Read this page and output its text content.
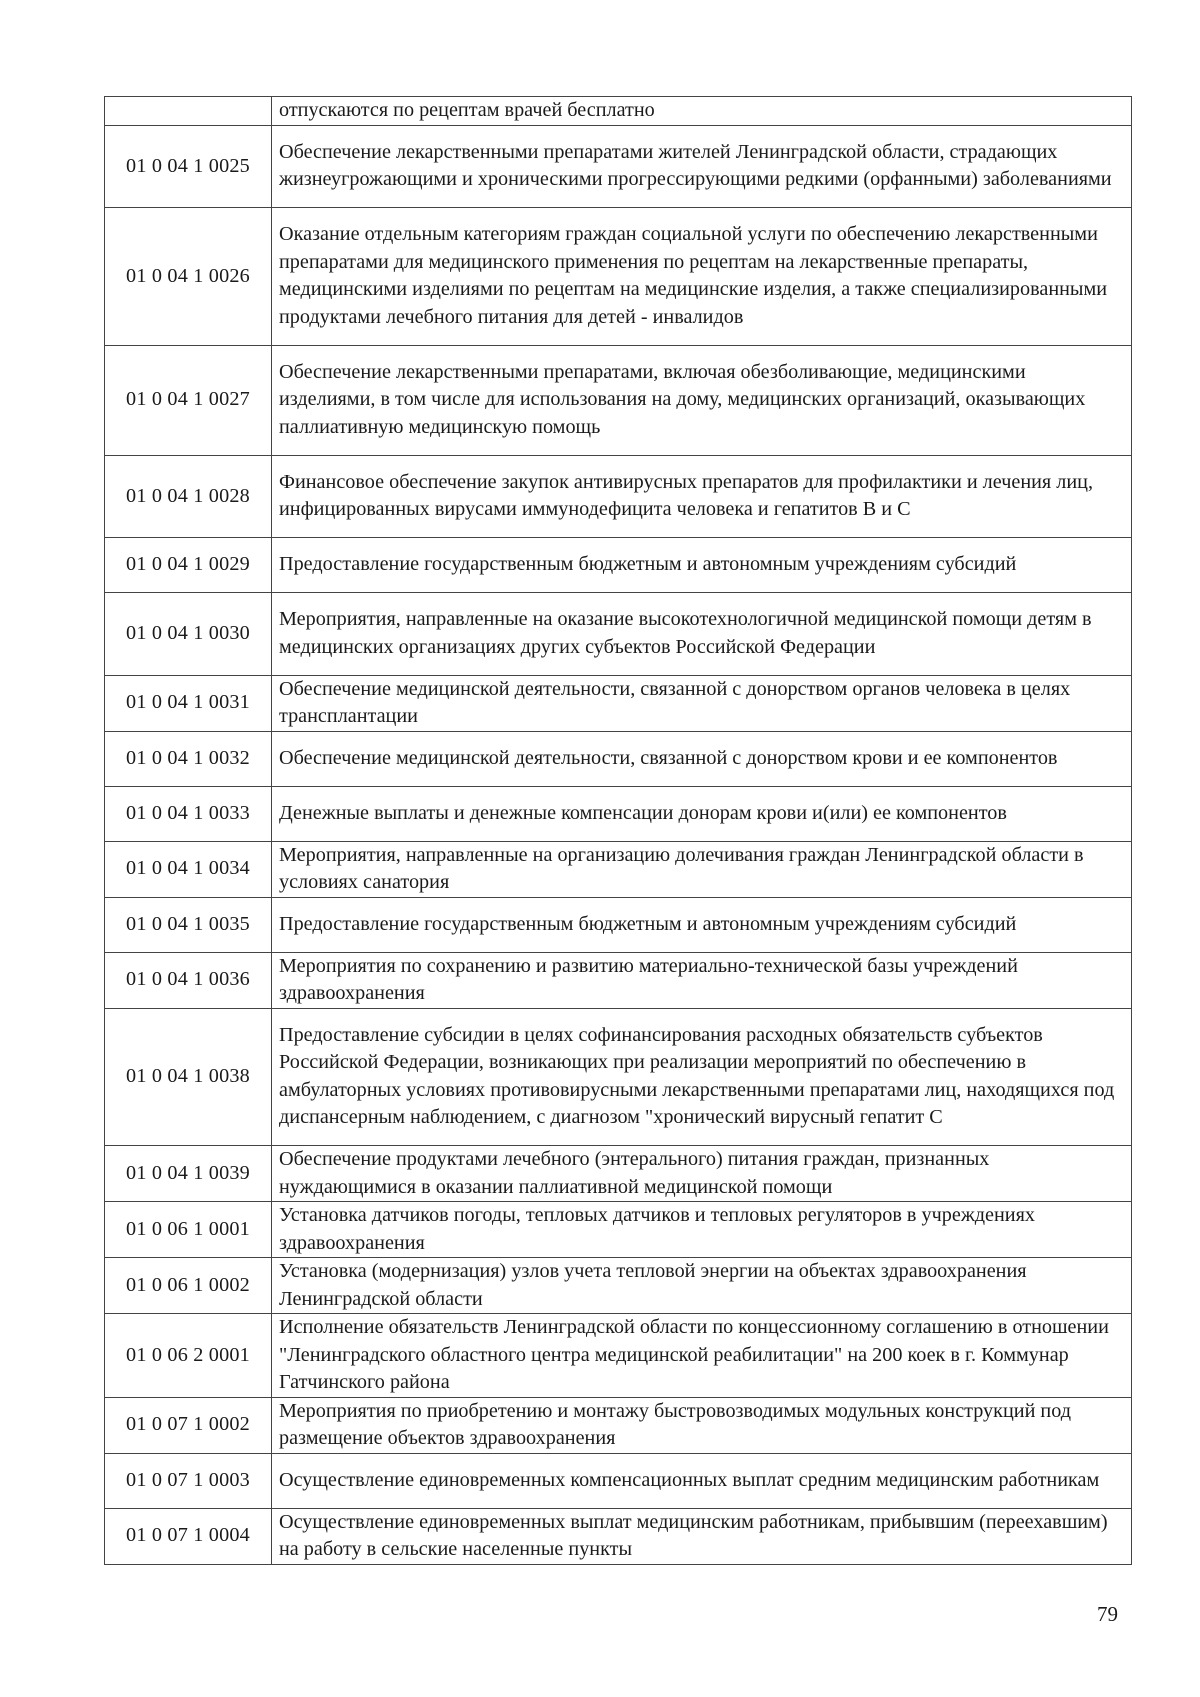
	отпускаются по рецептам врачей бесплатно
01 0 04 1 0025	Обеспечение лекарственными препаратами жителей Ленинградской области, страдающих жизнеугрожающими и хроническими прогрессирующими редкими (орфанными) заболеваниями
01 0 04 1 0026	Оказание отдельным категориям граждан социальной услуги по обеспечению лекарственными препаратами для медицинского применения по рецептам на лекарственные препараты, медицинскими изделиями по рецептам на медицинские изделия, а также специализированными продуктами лечебного питания для детей - инвалидов
01 0 04 1 0027	Обеспечение лекарственными препаратами, включая обезболивающие, медицинскими изделиями, в том числе для использования на дому, медицинских организаций, оказывающих паллиативную медицинскую помощь
01 0 04 1 0028	Финансовое обеспечение закупок антивирусных препаратов для профилактики и лечения лиц, инфицированных вирусами иммунодефицита человека и гепатитов В и С
01 0 04 1 0029	Предоставление государственным бюджетным и автономным учреждениям субсидий
01 0 04 1 0030	Мероприятия, направленные на оказание высокотехнологичной медицинской помощи детям в медицинских организациях других субъектов Российской Федерации
01 0 04 1 0031	Обеспечение медицинской деятельности, связанной с донорством органов человека в целях трансплантации
01 0 04 1 0032	Обеспечение медицинской деятельности, связанной с донорством крови и ее компонентов
01 0 04 1 0033	Денежные выплаты и денежные компенсации донорам крови и(или) ее компонентов
01 0 04 1 0034	Мероприятия, направленные на организацию долечивания граждан Ленинградской области в условиях санатория
01 0 04 1 0035	Предоставление государственным бюджетным и автономным учреждениям субсидий
01 0 04 1 0036	Мероприятия по сохранению и развитию материально-технической базы учреждений здравоохранения
01 0 04 1 0038	Предоставление субсидии в целях софинансирования расходных обязательств субъектов Российской Федерации, возникающих при реализации мероприятий по обеспечению в амбулаторных условиях противовирусными лекарственными препаратами лиц, находящихся под диспансерным наблюдением, с диагнозом "хронический вирусный гепатит С
01 0 04 1 0039	Обеспечение продуктами лечебного (энтерального) питания граждан, признанных нуждающимися в оказании паллиативной медицинской помощи
01 0 06 1 0001	Установка датчиков погоды, тепловых датчиков и тепловых регуляторов в учреждениях здравоохранения
01 0 06 1 0002	Установка (модернизация) узлов учета тепловой энергии на объектах здравоохранения Ленинградской области
01 0 06 2 0001	Исполнение обязательств Ленинградской области по концессионному соглашению в отношении "Ленинградского областного центра медицинской реабилитации" на 200 коек в г. Коммунар Гатчинского района
01 0 07 1 0002	Мероприятия по приобретению и монтажу быстровозводимых модульных конструкций под размещение объектов здравоохранения
01 0 07 1 0003	Осуществление единовременных компенсационных выплат средним медицинским работникам
01 0 07 1 0004	Осуществление единовременных выплат медицинским работникам, прибывшим (переехавшим) на работу в сельские населенные пункты
79
